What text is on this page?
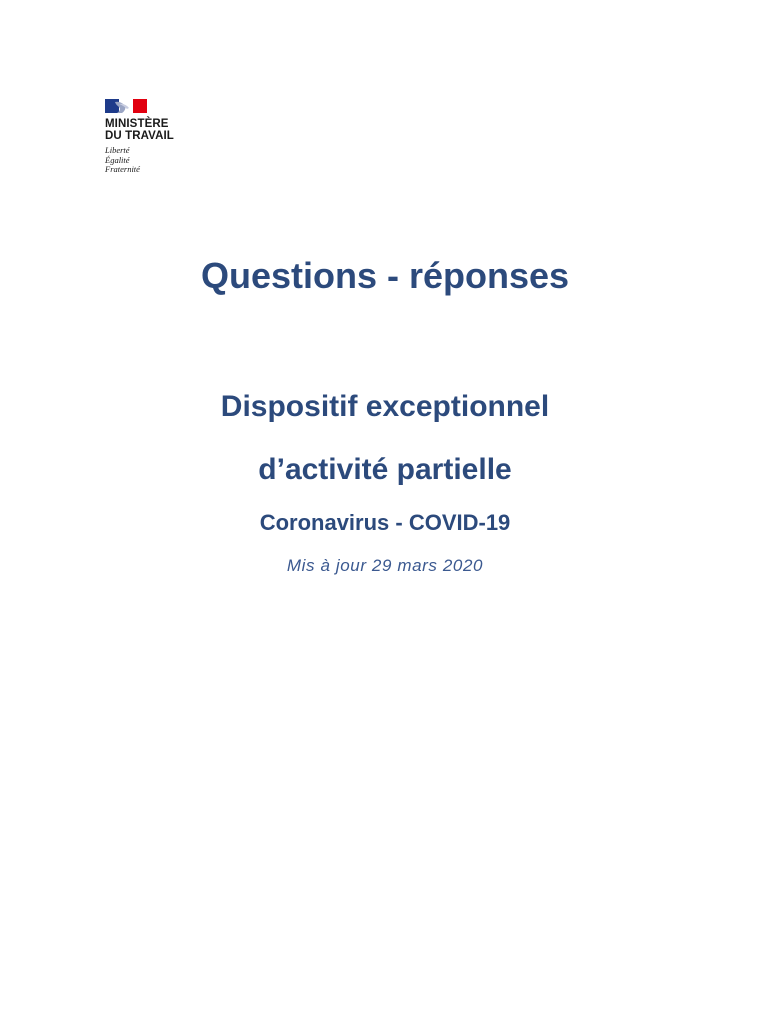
MINISTÈRE
DU TRAVAIL
Liberté
Égalité
Fraternité
Questions - réponses
Dispositif exceptionnel
d’activité partielle
Coronavirus - COVID-19
Mis à jour 29 mars 2020
